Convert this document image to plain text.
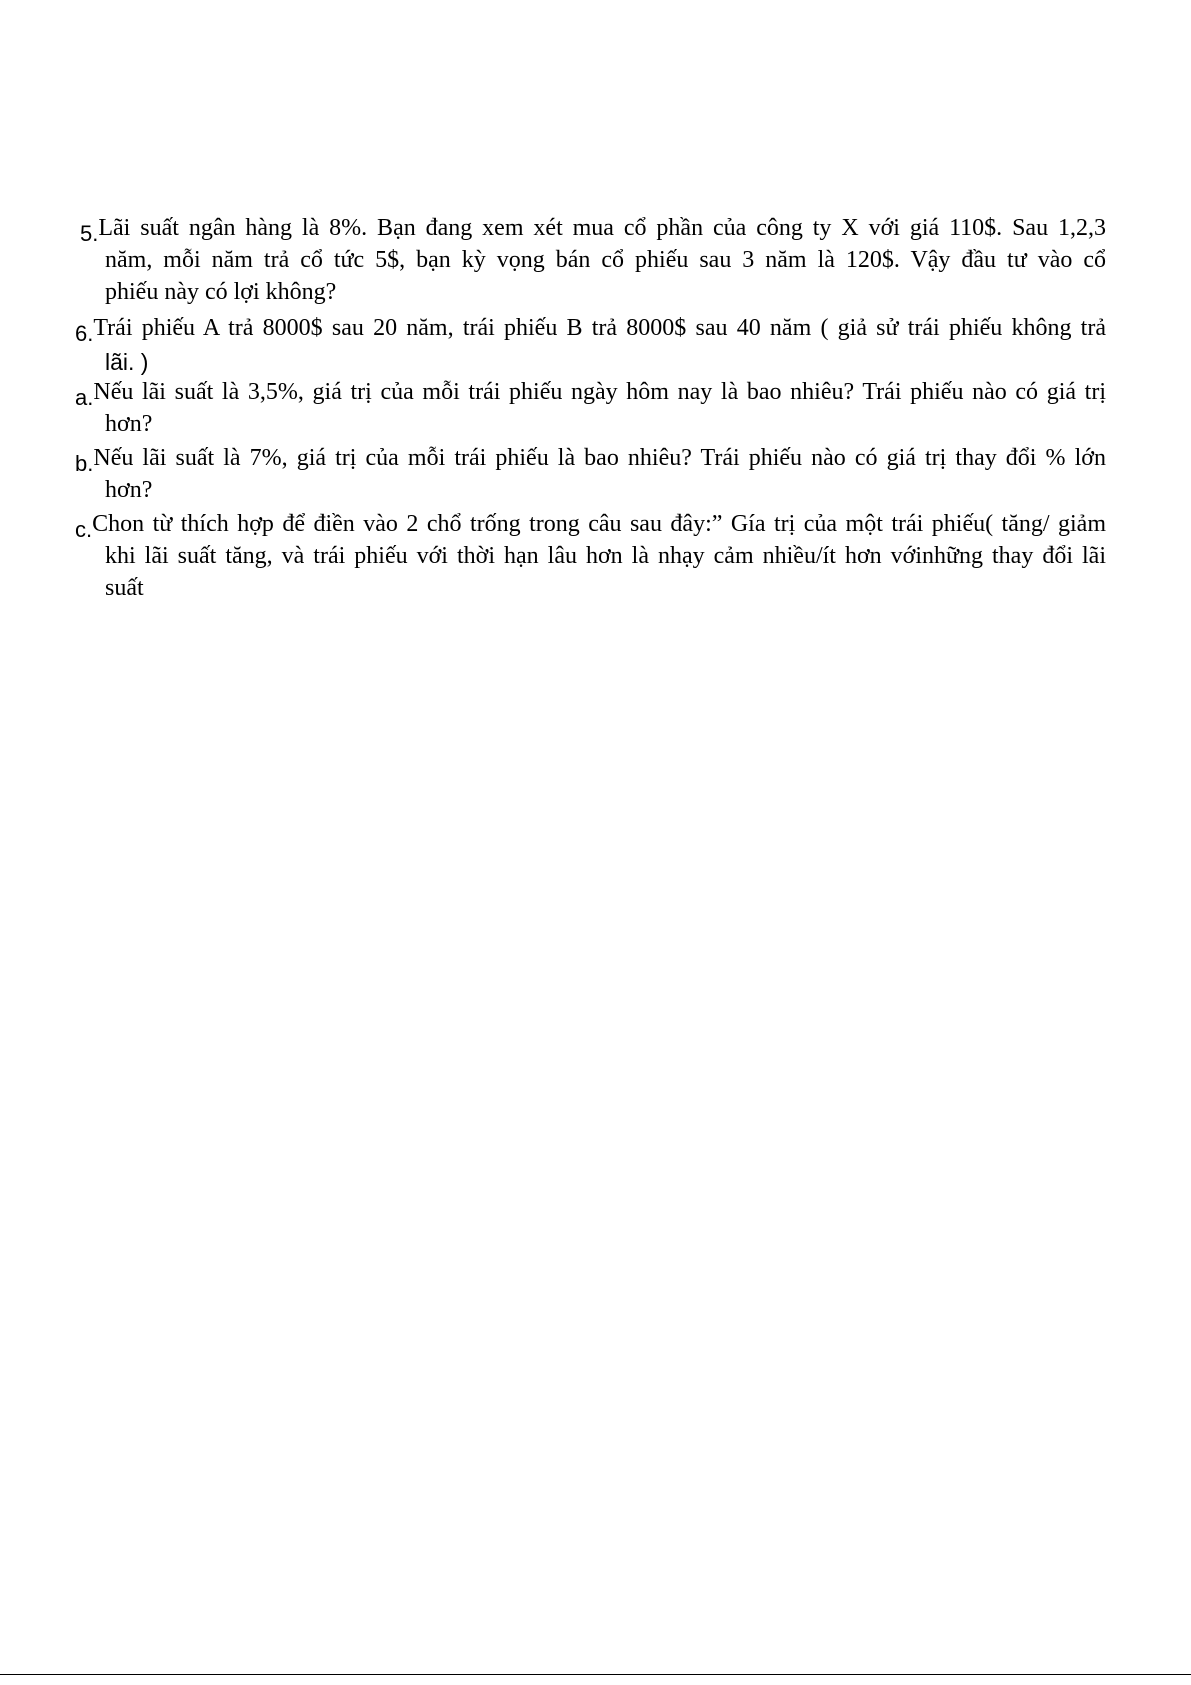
5.Lãi suất ngân hàng là 8%. Bạn đang xem xét mua cổ phần của công ty X với giá 110$. Sau 1,2,3
năm, mỗi năm trả cổ tức 5$, bạn kỳ vọng bán cổ phiếu sau 3 năm là 120$. Vậy đầu tư vào cổ
phiếu này có lợi không?
6.Trái phiếu A trả 8000$ sau 20 năm, trái phiếu B trả 8000$ sau 40 năm ( giả sử trái phiếu không trả
lãi. )
a.Nếu lãi suất là 3,5%, giá trị của mỗi trái phiếu ngày hôm nay là bao nhiêu? Trái phiếu nào có giá trị
hơn?
b.Nếu lãi suất là 7%, giá trị của mỗi trái phiếu là bao nhiêu? Trái phiếu nào có giá trị thay đổi % lớn
hơn?
c.Chon từ thích hợp để điền vào 2 chổ trống trong câu sau đây:” Gía trị của một trái phiếu( tăng/ giảm
khi lãi suất tăng, và trái phiếu với thời hạn lâu hơn là nhạy cảm nhiều/ít hơn vớinhững thay đổi lãi
suất
